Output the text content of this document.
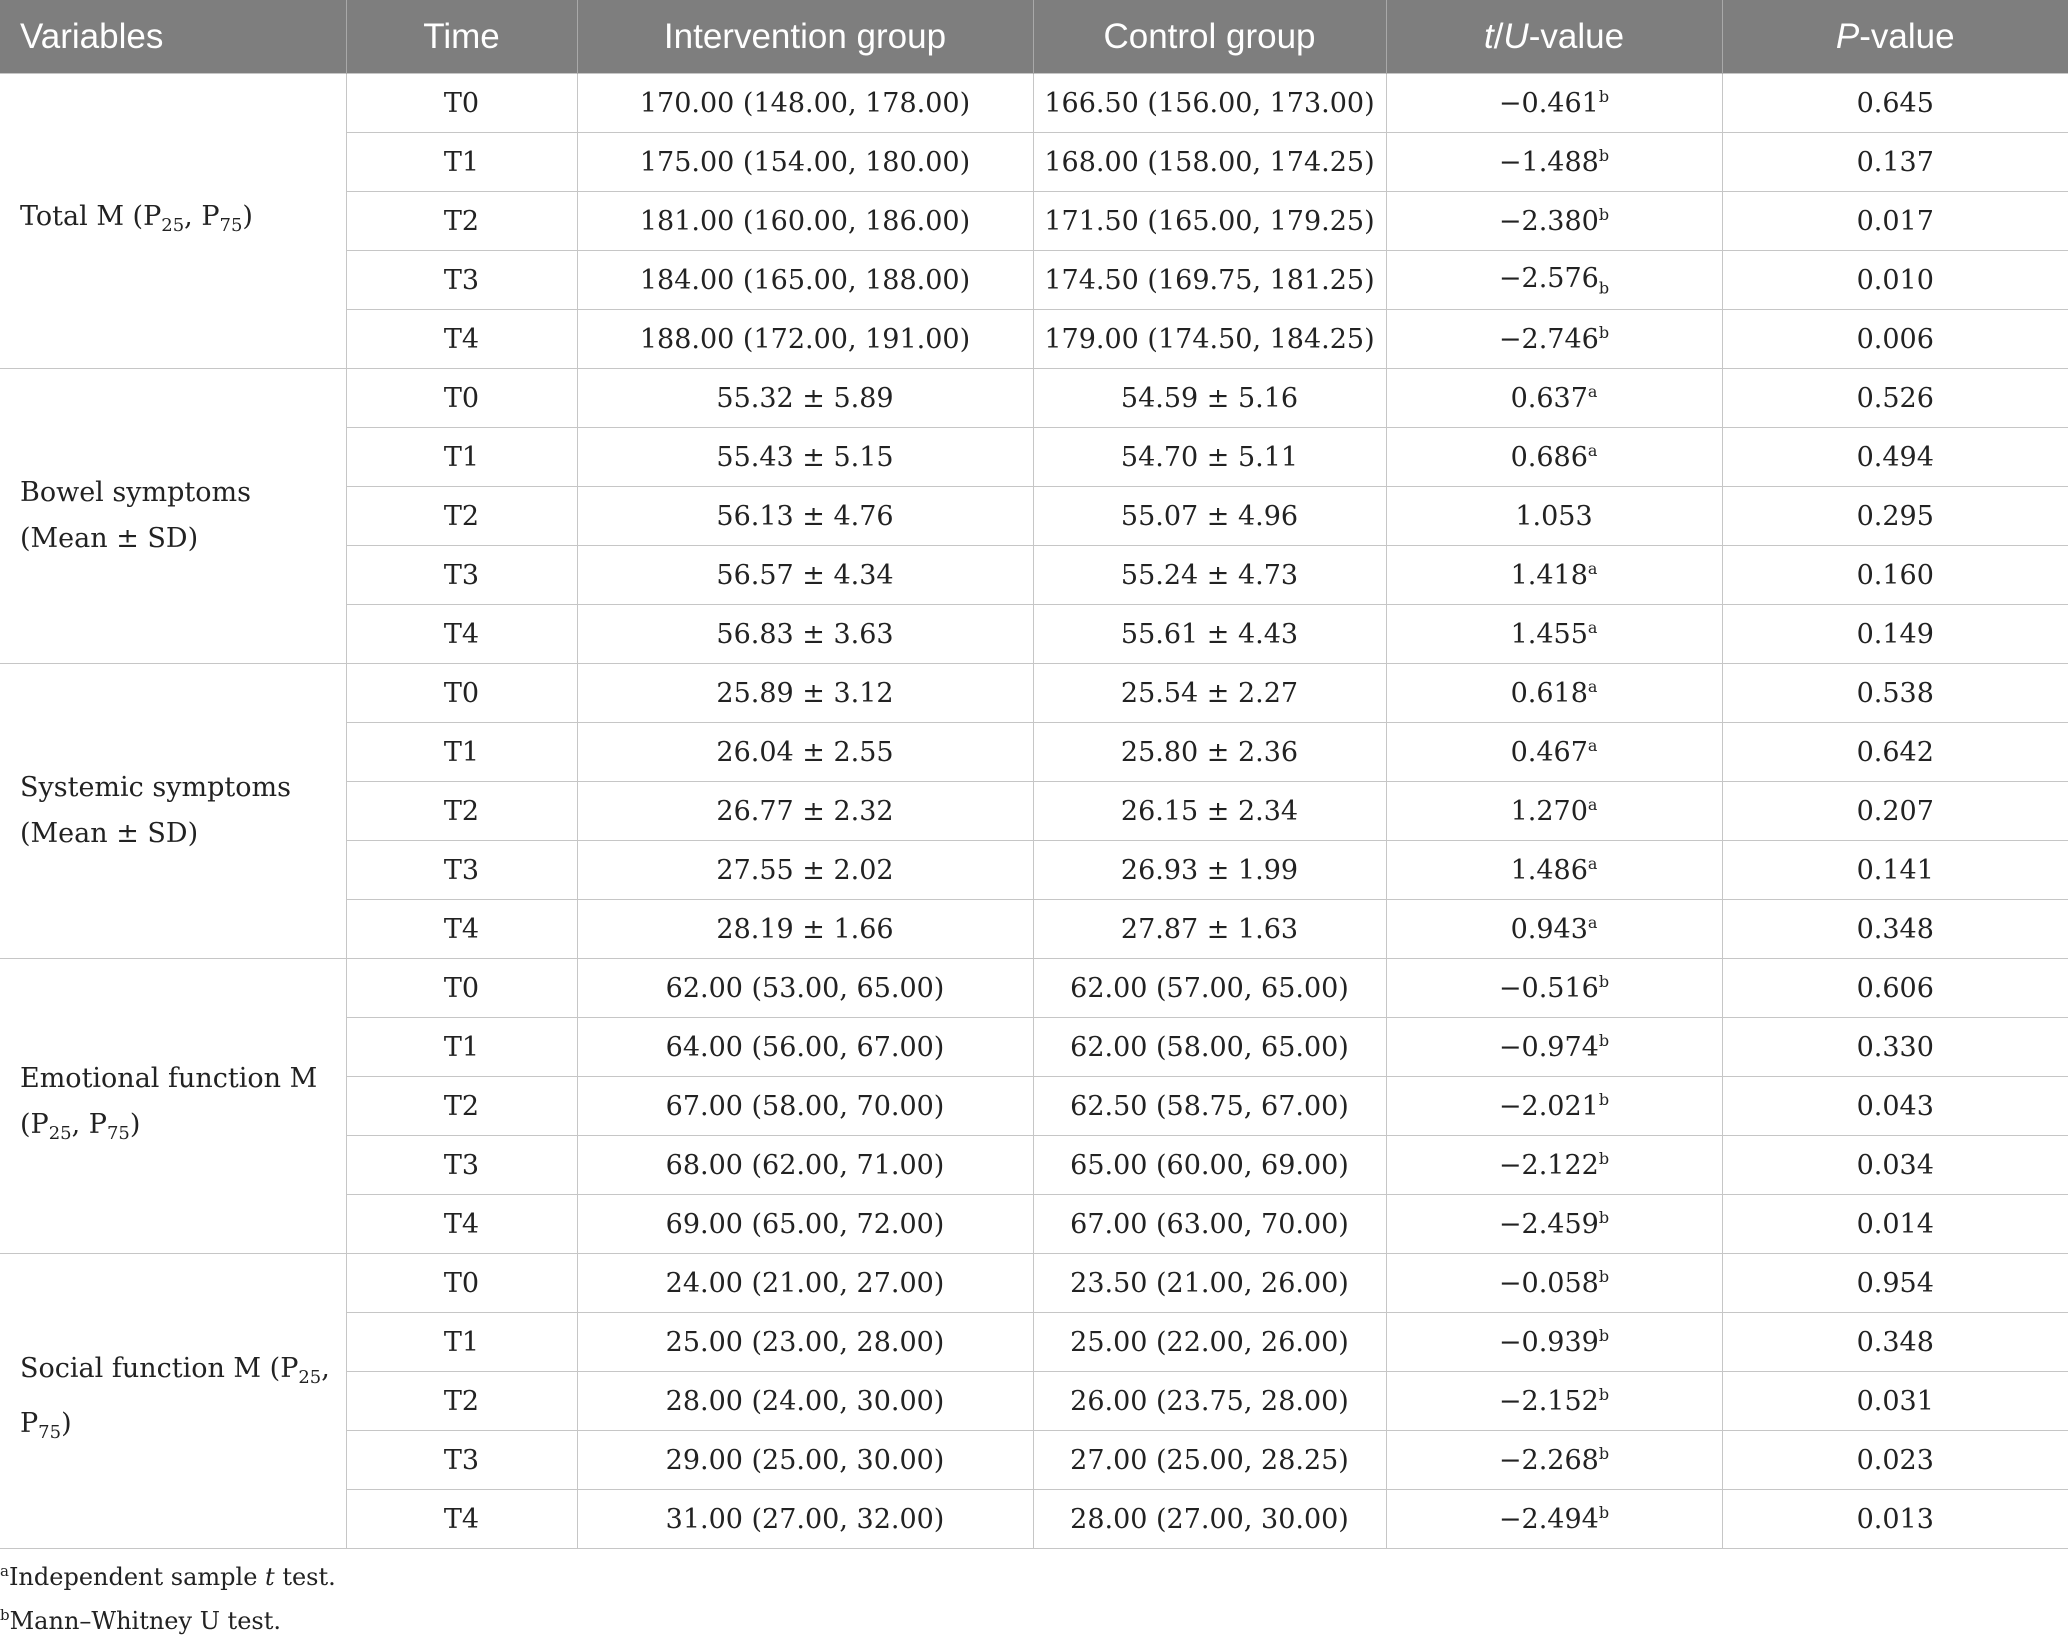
Variables	Time	Intervention group	Control group	t/U-value	P-value
Total M ($P_{25}$, $P_{75}$)	T0	170.00 (148.00, 178.00)	166.50 (156.00, 173.00)	−0.461$^b$	0.645
	T1	175.00 (154.00, 180.00)	168.00 (158.00, 174.25)	−1.488$^b$	0.137
	T2	181.00 (160.00, 186.00)	171.50 (165.00, 179.25)	−2.380$^b$	0.017
	T3	184.00 (165.00, 188.00)	174.50 (169.75, 181.25)	$-2.576_b$	0.010
	T4	188.00 (172.00, 191.00)	179.00 (174.50, 184.25)	−2.746$^b$	0.006
Bowel symptoms (Mean ± SD)	T0	55.32 ± 5.89	54.59 ± 5.16	0.637$^a$	0.526
	T1	55.43 ± 5.15	54.70 ± 5.11	0.686$^a$	0.494
	T2	56.13 ± 4.76	55.07 ± 4.96	1.053	0.295
	T3	56.57 ± 4.34	55.24 ± 4.73	1.418$^a$	0.160
	T4	56.83 ± 3.63	55.61 ± 4.43	1.455$^a$	0.149
Systemic symptoms (Mean ± SD)	T0	25.89 ± 3.12	25.54 ± 2.27	0.618$^a$	0.538
	T1	26.04 ± 2.55	25.80 ± 2.36	0.467$^a$	0.642
	T2	26.77 ± 2.32	26.15 ± 2.34	1.270$^a$	0.207
	T3	27.55 ± 2.02	26.93 ± 1.99	1.486$^a$	0.141
	T4	28.19 ± 1.66	27.87 ± 1.63	0.943$^a$	0.348
Emotional function M ($P_{25}$, $P_{75}$)	T0	62.00 (53.00, 65.00)	62.00 (57.00, 65.00)	−0.516$^b$	0.606
	T1	64.00 (56.00, 67.00)	62.00 (58.00, 65.00)	−0.974$^b$	0.330
	T2	67.00 (58.00, 70.00)	62.50 (58.75, 67.00)	−2.021$^b$	0.043
	T3	68.00 (62.00, 71.00)	65.00 (60.00, 69.00)	−2.122$^b$	0.034
	T4	69.00 (65.00, 72.00)	67.00 (63.00, 70.00)	−2.459$^b$	0.014
Social function M ($P_{25}$, $P_{75}$)	T0	24.00 (21.00, 27.00)	23.50 (21.00, 26.00)	−0.058$^b$	0.954
	T1	25.00 (23.00, 28.00)	25.00 (22.00, 26.00)	−0.939$^b$	0.348
	T2	28.00 (24.00, 30.00)	26.00 (23.75, 28.00)	−2.152$^b$	0.031
	T3	29.00 (25.00, 30.00)	27.00 (25.00, 28.25)	−2.268$^b$	0.023
	T4	31.00 (27.00, 32.00)	28.00 (27.00, 30.00)	−2.494$^b$	0.013
$^a$Independent sample t test.
$^b$Mann–Whitney U test.
